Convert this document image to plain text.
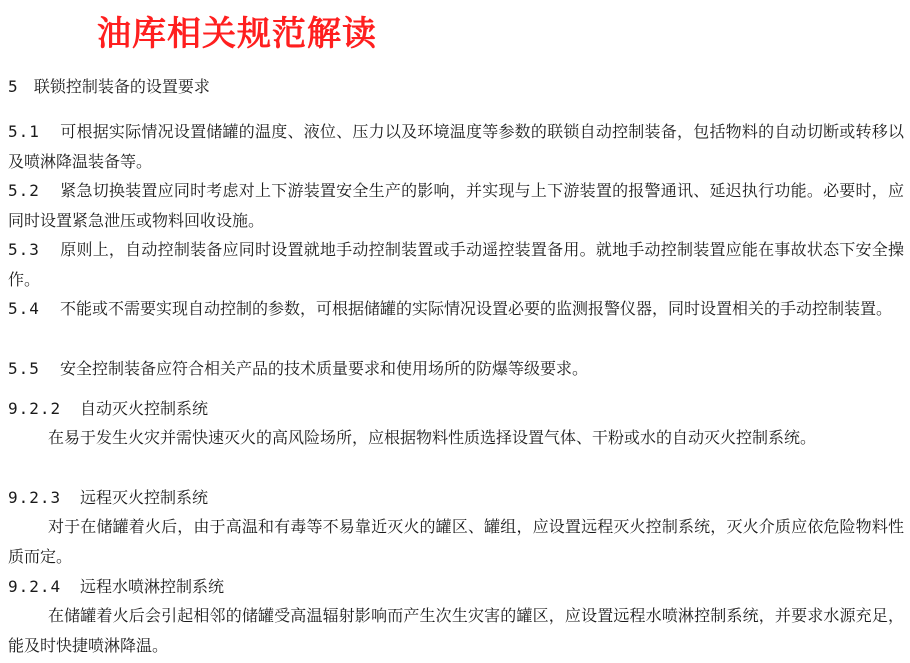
油库相关规范解读
5 联锁控制装备的设置要求

5.1 可根据实际情况设置储罐的温度、液位、压力以及环境温度等参数的联锁自动控制装备，包括物料的自动切断或转移以及喷淋降温装备等。

5.2 紧急切换装置应同时考虑对上下游装置安全生产的影响，并实现与上下游装置的报警通讯、延迟执行功能。必要时，应同时设置紧急泄压或物料回收设施。

5.3 原则上，自动控制装备应同时设置就地手动控制装置或手动遥控装置备用。就地手动控制装置应能在事故状态下安全操作。

5.4 不能或不需要实现自动控制的参数，可根据储罐的实际情况设置必要的监测报警仪器，同时设置相关的手动控制装置。

5.5 安全控制装备应符合相关产品的技术质量要求和使用场所的防爆等级要求。

9.2.2 自动灭火控制系统

在易于发生火灾并需快速灭火的高风险场所，应根据物料性质选择设置气体、干粉或水的自动灭火控制系统。

9.2.3 远程灭火控制系统

对于在储罐着火后，由于高温和有毒等不易靠近灭火的罐区、罐组，应设置远程灭火控制系统，灭火介质应依危险物料性质而定。

9.2.4 远程水喷淋控制系统

在储罐着火后会引起相邻的储罐受高温辐射影响而产生次生灾害的罐区，应设置远程水喷淋控制系统，并要求水源充足，能及时快捷喷淋降温。
